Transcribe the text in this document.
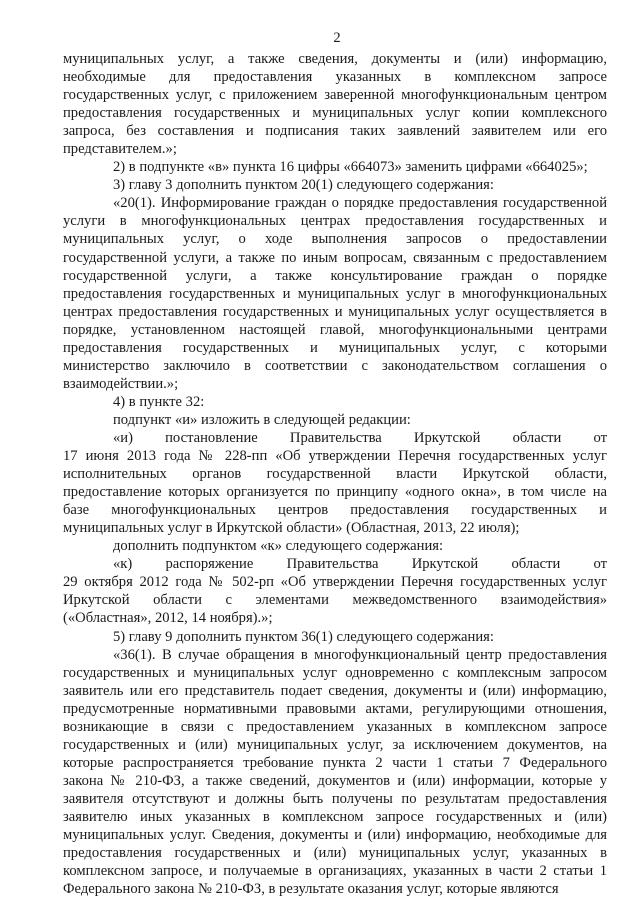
2
муниципальных услуг, а также сведения, документы и (или) информацию,
необходимые для предоставления указанных в комплексном запросе
государственных услуг, с приложением заверенной многофункциональным центром
предоставления государственных и муниципальных услуг копии комплексного
запроса, без составления и подписания таких заявлений заявителем или его
представителем.»;
2) в подпункте «в» пункта 16 цифры «664073» заменить цифрами «664025»;
3) главу 3 дополнить пунктом 20(1) следующего содержания:
«20(1). Информирование граждан о порядке предоставления государственной
услуги в многофункциональных центрах предоставления государственных и
муниципальных услуг, о ходе выполнения запросов о предоставлении
государственной услуги, а также по иным вопросам, связанным с предоставлением
государственной услуги, а также консультирование граждан о порядке
предоставления государственных и муниципальных услуг в многофункциональных
центрах предоставления государственных и муниципальных услуг осуществляется в
порядке, установленном настоящей главой, многофункциональными центрами
предоставления государственных и муниципальных услуг, с которыми
министерство заключило в соответствии с законодательством соглашения о
взаимодействии.»;
4) в пункте 32:
подпункт «и» изложить в следующей редакции:
«и) постановление Правительства Иркутской области от
17 июня 2013 года № 228-пп «Об утверждении Перечня государственных услуг
исполнительных органов государственной власти Иркутской области,
предоставление которых организуется по принципу «одного окна», в том числе на
базе многофункциональных центров предоставления государственных и
муниципальных услуг в Иркутской области» (Областная, 2013, 22 июля);
дополнить подпунктом «к» следующего содержания:
«к) распоряжение Правительства Иркутской области от
29 октября 2012 года № 502-рп «Об утверждении Перечня государственных услуг
Иркутской области с элементами межведомственного взаимодействия»
(«Областная», 2012, 14 ноября).»;
5) главу 9 дополнить пунктом 36(1) следующего содержания:
«36(1). В случае обращения в многофункциональный центр предоставления
государственных и муниципальных услуг одновременно с комплексным запросом
заявитель или его представитель подает сведения, документы и (или) информацию,
предусмотренные нормативными правовыми актами, регулирующими отношения,
возникающие в связи с предоставлением указанных в комплексном запросе
государственных и (или) муниципальных услуг, за исключением документов, на
которые распространяется требование пункта 2 части 1 статьи 7 Федерального
закона № 210-ФЗ, а также сведений, документов и (или) информации, которые у
заявителя отсутствуют и должны быть получены по результатам предоставления
заявителю иных указанных в комплексном запросе государственных и (или)
муниципальных услуг. Сведения, документы и (или) информацию, необходимые для
предоставления государственных и (или) муниципальных услуг, указанных в
комплексном запросе, и получаемые в организациях, указанных в части 2 статьи 1
Федерального закона № 210-ФЗ, в результате оказания услуг, которые являются
